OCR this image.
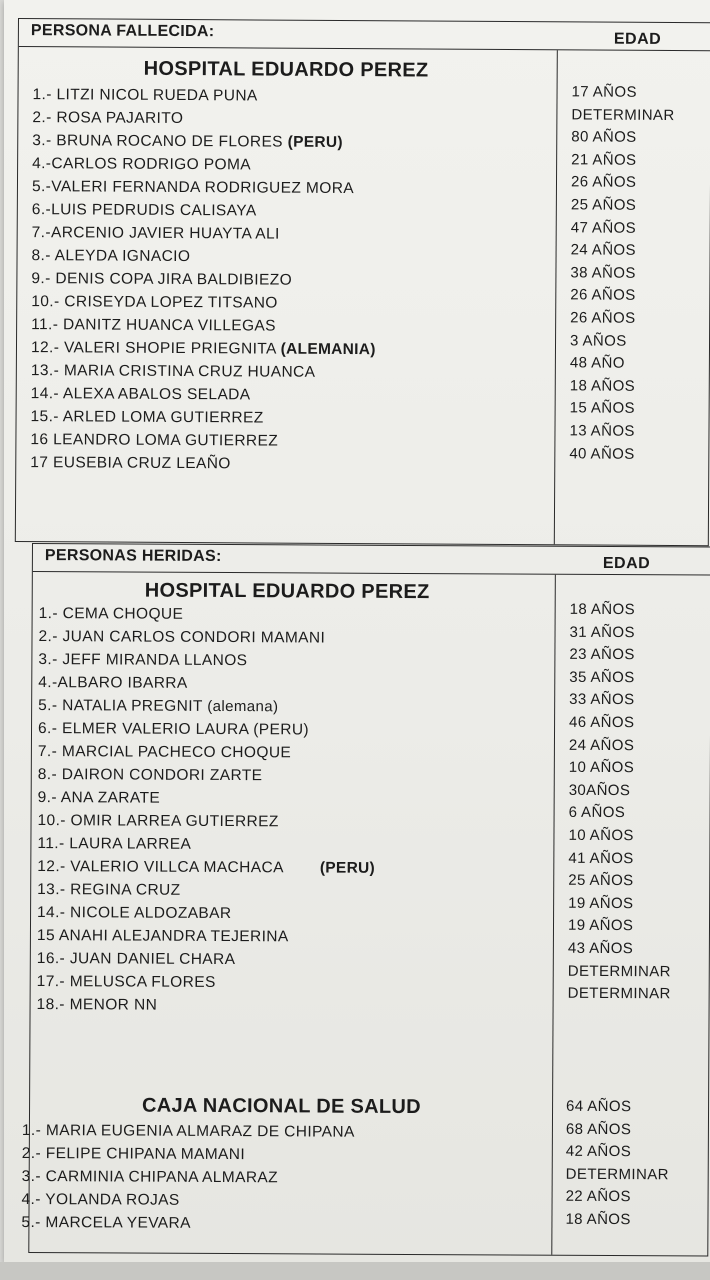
PERSONA FALLECIDA:	EDAD
HOSPITAL EDUARDO PEREZ
1.- LITZI NICOL RUEDA PUNA
2.- ROSA PAJARITO
3.- BRUNA ROCANO DE FLORES (PERU)
4.-CARLOS RODRIGO POMA
5.-VALERI FERNANDA RODRIGUEZ MORA
6.-LUIS PEDRUDIS CALISAYA
7.-ARCENIO JAVIER HUAYTA ALI
8.- ALEYDA IGNACIO
9.- DENIS COPA JIRA BALDIBIEZO
10.- CRISEYDA LOPEZ TITSANO
11.- DANITZ HUANCA VILLEGAS
12.- VALERI SHOPIE PRIEGNITA (ALEMANIA)
13.- MARIA CRISTINA CRUZ HUANCA
14.- ALEXA ABALOS SELADA
15.- ARLED LOMA GUTIERREZ
16 LEANDRO LOMA GUTIERREZ
17 EUSEBIA CRUZ LEAÑO
17 AÑOS
DETERMINAR
80 AÑOS
21 AÑOS
26 AÑOS
25 AÑOS
47 AÑOS
24 AÑOS
38 AÑOS
26 AÑOS
26 AÑOS
3 AÑOS
48 AÑO
18 AÑOS
15 AÑOS
13 AÑOS
40 AÑOS
PERSONAS HERIDAS:	EDAD
HOSPITAL EDUARDO PEREZ
1.- CEMA CHOQUE
2.- JUAN CARLOS CONDORI MAMANI
3.- JEFF MIRANDA LLANOS
4.-ALBARO IBARRA
5.- NATALIA PREGNIT (alemana)
6.- ELMER VALERIO LAURA (PERU)
7.- MARCIAL PACHECO CHOQUE
8.- DAIRON CONDORI ZARTE
9.- ANA ZARATE
10.- OMIR LARREA GUTIERREZ
11.- LAURA LARREA
12.- VALERIO VILLCA MACHACA (PERU)
13.- REGINA CRUZ
14.- NICOLE ALDOZABAR
15 ANAHI ALEJANDRA TEJERINA
16.- JUAN DANIEL CHARA
17.- MELUSCA FLORES
18.- MENOR NN
18 AÑOS
31 AÑOS
23 AÑOS
35 AÑOS
33 AÑOS
46 AÑOS
24 AÑOS
10 AÑOS
30AÑOS
6 AÑOS
10 AÑOS
41 AÑOS
25 AÑOS
19 AÑOS
19 AÑOS
43 AÑOS
DETERMINAR
DETERMINAR
CAJA NACIONAL DE SALUD
1.- MARIA EUGENIA ALMARAZ DE CHIPANA
2.- FELIPE CHIPANA MAMANI
3.- CARMINIA CHIPANA ALMARAZ
4.- YOLANDA ROJAS
5.- MARCELA YEVARA
64 AÑOS
68 AÑOS
42 AÑOS
DETERMINAR
22 AÑOS
18 AÑOS
